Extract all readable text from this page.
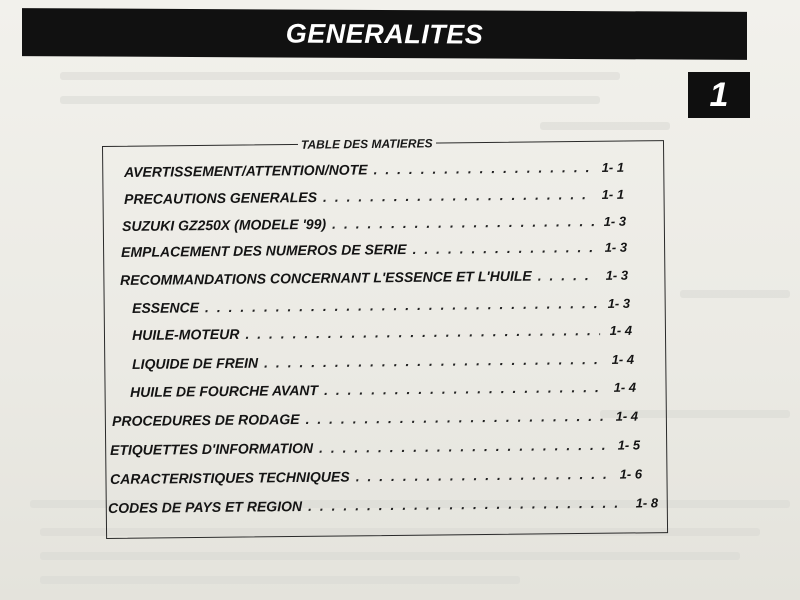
GENERALITES
1
TABLE DES MATIERES
AVERTISSEMENT/ATTENTION/NOTE . . .	1- 1
PRECAUTIONS GENERALES . . .	1- 1
SUZUKI GZ250X (MODELE '99) . . .	1- 3
EMPLACEMENT DES NUMEROS DE SERIE . . .	1- 3
RECOMMANDATIONS CONCERNANT L'ESSENCE ET L'HUILE . . .	1- 3
ESSENCE . . .	1- 3
HUILE-MOTEUR . . .	1- 4
LIQUIDE DE FREIN . . .	1- 4
HUILE DE FOURCHE AVANT . . .	1- 4
PROCEDURES DE RODAGE . . .	1- 4
ETIQUETTES D'INFORMATION . . .	1- 5
CARACTERISTIQUES TECHNIQUES . . .	1- 6
CODES DE PAYS ET REGION . . .	1- 8
